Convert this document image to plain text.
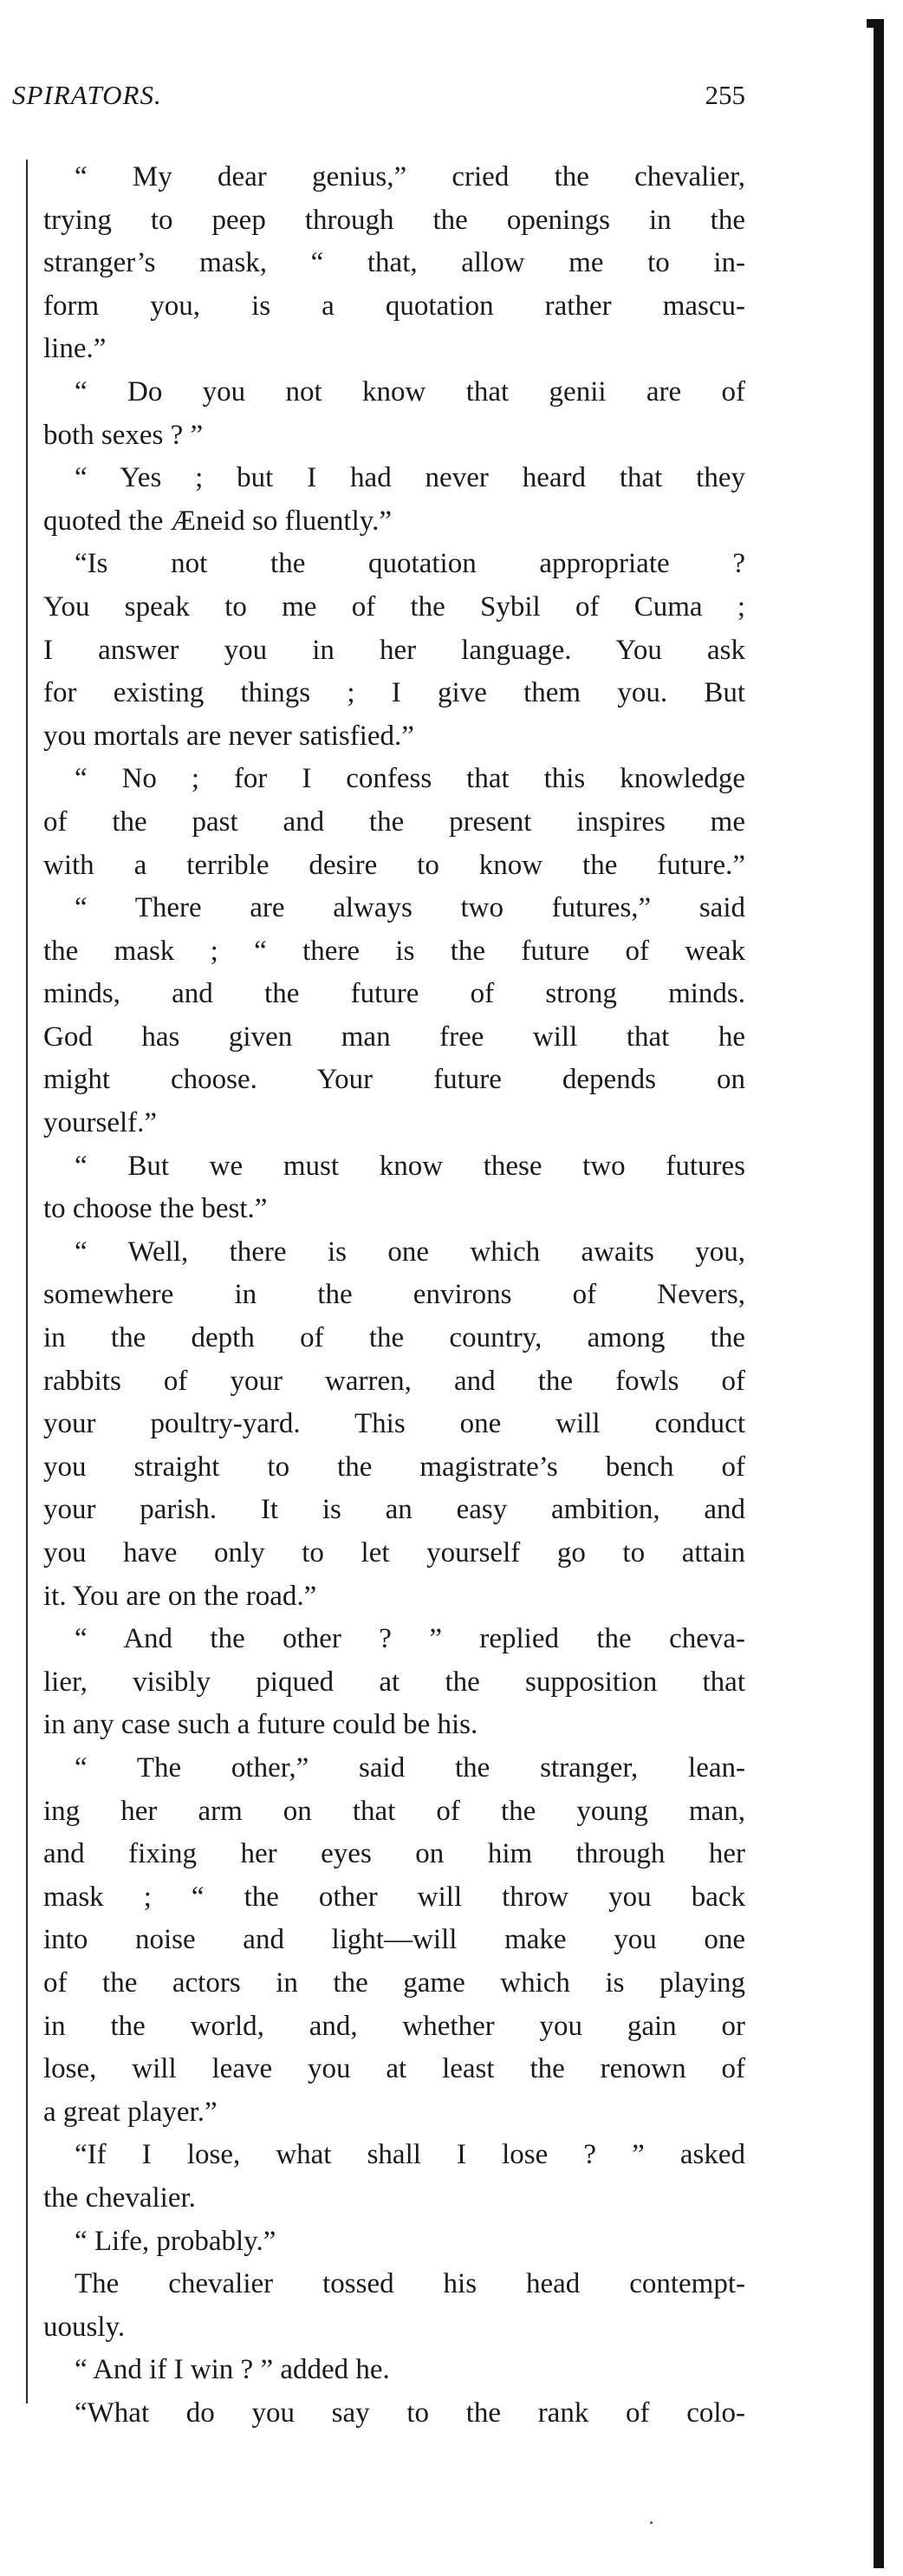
SPIRATORS.	255
“ My dear genius,” cried the chevalier,
trying to peep through the openings in the
stranger’s mask, “ that, allow me to in-
form you, is a quotation rather mascu-
line.”
“ Do you not know that genii are of
both sexes ? ”
“ Yes ; but I had never heard that they
quoted the Æneid so fluently.”
“Is not the quotation appropriate ?
You speak to me of the Sybil of Cuma ;
I answer you in her language. You ask
for existing things ; I give them you. But
you mortals are never satisfied.”
“ No ; for I confess that this knowledge
of the past and the present inspires me
with a terrible desire to know the future.”
“ There are always two futures,” said
the mask ; “ there is the future of weak
minds, and the future of strong minds.
God has given man free will that he
might choose. Your future depends on
yourself.”
“ But we must know these two futures
to choose the best.”
“ Well, there is one which awaits you,
somewhere in the environs of Nevers,
in the depth of the country, among the
rabbits of your warren, and the fowls of
your poultry-yard. This one will conduct
you straight to the magistrate’s bench of
your parish. It is an easy ambition, and
you have only to let yourself go to attain
it. You are on the road.”
“ And the other ? ” replied the cheva-
lier, visibly piqued at the supposition that
in any case such a future could be his.
“ The other,” said the stranger, lean-
ing her arm on that of the young man,
and fixing her eyes on him through her
mask ; “ the other will throw you back
into noise and light—will make you one
of the actors in the game which is playing
in the world, and, whether you gain or
lose, will leave you at least the renown of
a great player.”
“If I lose, what shall I lose ? ” asked
the chevalier.
“ Life, probably.”
The chevalier tossed his head contempt-
uously.
“ And if I win ? ” added he.
“What do you say to the rank of colo-
